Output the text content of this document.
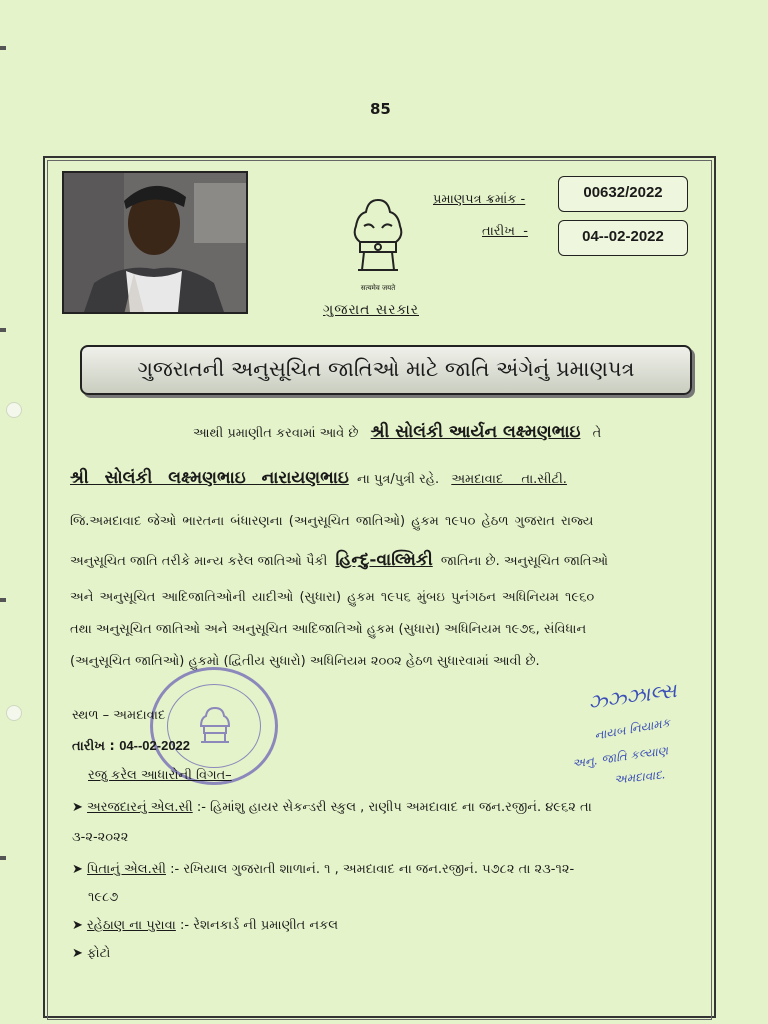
85
सत्यमेव जयते
પ્રમાણપત્ર ક્રમાંક -	00632/2022
તારીખ  -	04--02-2022
ગુજરાત સરકાર
ગુજરાતની અનુસૂચિત જાતિઓ માટે જાતિ અંગેનું પ્રમાણપત્ર
આથી પ્રમાણીત કરવામાં આવે છે શ્રી સોલંકી આર્યન લક્ષ્મણભાઇ તે
શ્રી સોલંકી લક્ષ્મણભાઇ નારાયણભાઇ ના પુત્ર/પુત્રી રહે. અમદાવાદ તા.સીટી.
જિ.અમદાવાદ જેઓ ભારતના બંધારણના (અનુસૂચિત જાતિઓ) હુકમ ૧૯૫૦ હેઠળ ગુજરાત રાજ્ય
અનુસૂચિત જાતિ તરીકે માન્ય કરેલ જાતિઓ પૈકી હિન્દુ-વાલ્મિકી જાતિના છે. અનુસૂચિત જાતિઓ
અને અનુસૂચિત આદિજાતિઓની યાદીઓ (સુધારા) હુકમ ૧૯૫૬ મુંબઇ પુનંગઠન અધિનિયમ ૧૯૬૦
તથા અનુસૂચિત જાતિઓ અને અનુસૂચિત આદિજાતિઓ હુકમ (સુધારા) અધિનિયમ ૧૯૭૬, સંવિધાન
(અનુસૂચિત જાતિઓ) હુકમો (દ્વિતીય સુધારો) અધિનિયમ ૨૦૦૨ હેઠળ સુધારવામાં આવી છે.
સ્થળ – અમદાવાદ
તારીખ : 04--02-2022
ઝ્ઝ્ઝાલ્સ
નાયબ નિયામક
અનુ. જાતિ કલ્યાણ
અમદાવાદ.
રજુ કરેલ આધારોની વિગત–
➤ અરજદારનું એલ.સી :- હિમાંશુ હાયર સેકન્ડરી સ્કુલ , રાણીપ અમદાવાદ ના જન.રજીનં. ૪૯૬૨ તા
૩-૨-૨૦૨૨
➤ પિતાનું એલ.સી :- રખિયાલ ગુજરાતી શાળાનં. ૧ , અમદાવાદ ના જન.રજીનં. ૫૭૮૨ તા ૨૩-૧૨-
૧૯૮૭
➤ રહેઠાણ ના પુરાવા :- રેશનકાર્ડ ની પ્રમાણીત નકલ
➤ ફોટો
